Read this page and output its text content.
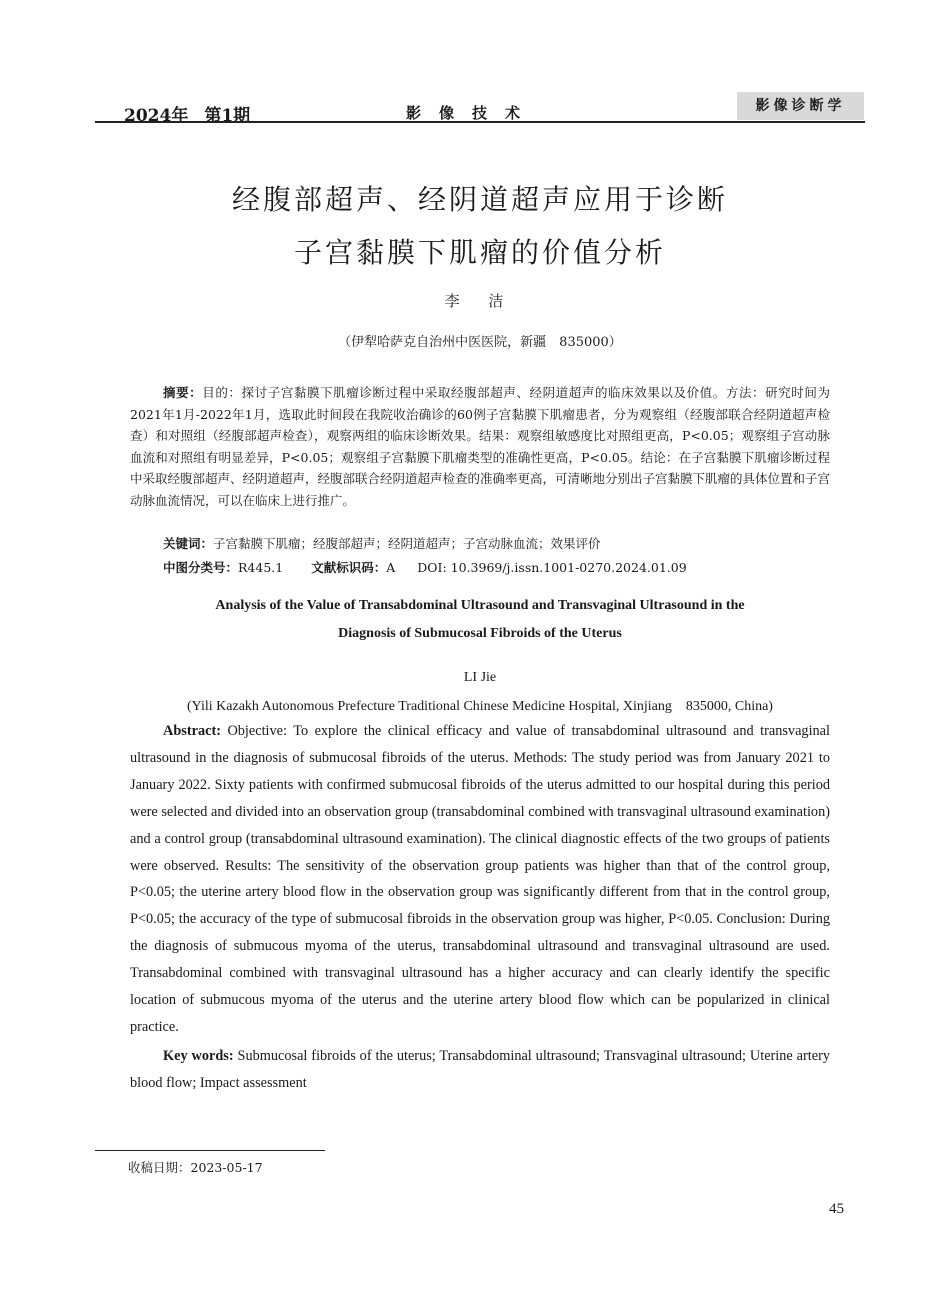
2024年 第1期	影像技术	影像诊断学
经腹部超声、经阴道超声应用于诊断
子宫黏膜下肌瘤的价值分析
李 洁
（伊犁哈萨克自治州中医医院，新疆　835000）
摘要：目的：探讨子宫黏膜下肌瘤诊断过程中采取经腹部超声、经阴道超声的临床效果以及价值。方法：研究时间为2021年1月-2022年1月，选取此时间段在我院收治确诊的60例子宫黏膜下肌瘤患者，分为观察组（经腹部联合经阴道超声检查）和对照组（经腹部超声检查），观察两组的临床诊断效果。结果：观察组敏感度比对照组更高，P<0.05；观察组子宫动脉血流和对照组有明显差异，P<0.05；观察组子宫黏膜下肌瘤类型的准确性更高，P<0.05。结论：在子宫黏膜下肌瘤诊断过程中采取经腹部超声、经阴道超声，经腹部联合经阴道超声检查的准确率更高，可清晰地分别出子宫黏膜下肌瘤的具体位置和子宫动脉血流情况，可以在临床上进行推广。
关键词：子宫黏膜下肌瘤；经腹部超声；经阴道超声；子宫动脉血流；效果评价
中图分类号：R445.1 文献标识码：A DOI: 10.3969/j.issn.1001-0270.2024.01.09
Analysis of the Value of Transabdominal Ultrasound and Transvaginal Ultrasound in the
Diagnosis of Submucosal Fibroids of the Uterus
LI Jie
(Yili Kazakh Autonomous Prefecture Traditional Chinese Medicine Hospital, Xinjiang　835000, China)
Abstract: Objective: To explore the clinical efficacy and value of transabdominal ultrasound and transvaginal ultrasound in the diagnosis of submucosal fibroids of the uterus. Methods: The study period was from January 2021 to January 2022. Sixty patients with confirmed submucosal fibroids of the uterus admitted to our hospital during this period were selected and divided into an observation group (transabdominal combined with transvaginal ultrasound examination) and a control group (transabdominal ultrasound examination). The clinical diagnostic effects of the two groups of patients were observed. Results: The sensitivity of the observation group patients was higher than that of the control group, P<0.05; the uterine artery blood flow in the observation group was significantly different from that in the control group, P<0.05; the accuracy of the type of submucosal fibroids in the observation group was higher, P<0.05. Conclusion: During the diagnosis of submucous myoma of the uterus, transabdominal ultrasound and transvaginal ultrasound are used. Transabdominal combined with transvaginal ultrasound has a higher accuracy and can clearly identify the specific location of submucous myoma of the uterus and the uterine artery blood flow which can be popularized in clinical practice.
Key words: Submucosal fibroids of the uterus; Transabdominal ultrasound; Transvaginal ultrasound; Uterine artery blood flow; Impact assessment
收稿日期：2023-05-17
45
